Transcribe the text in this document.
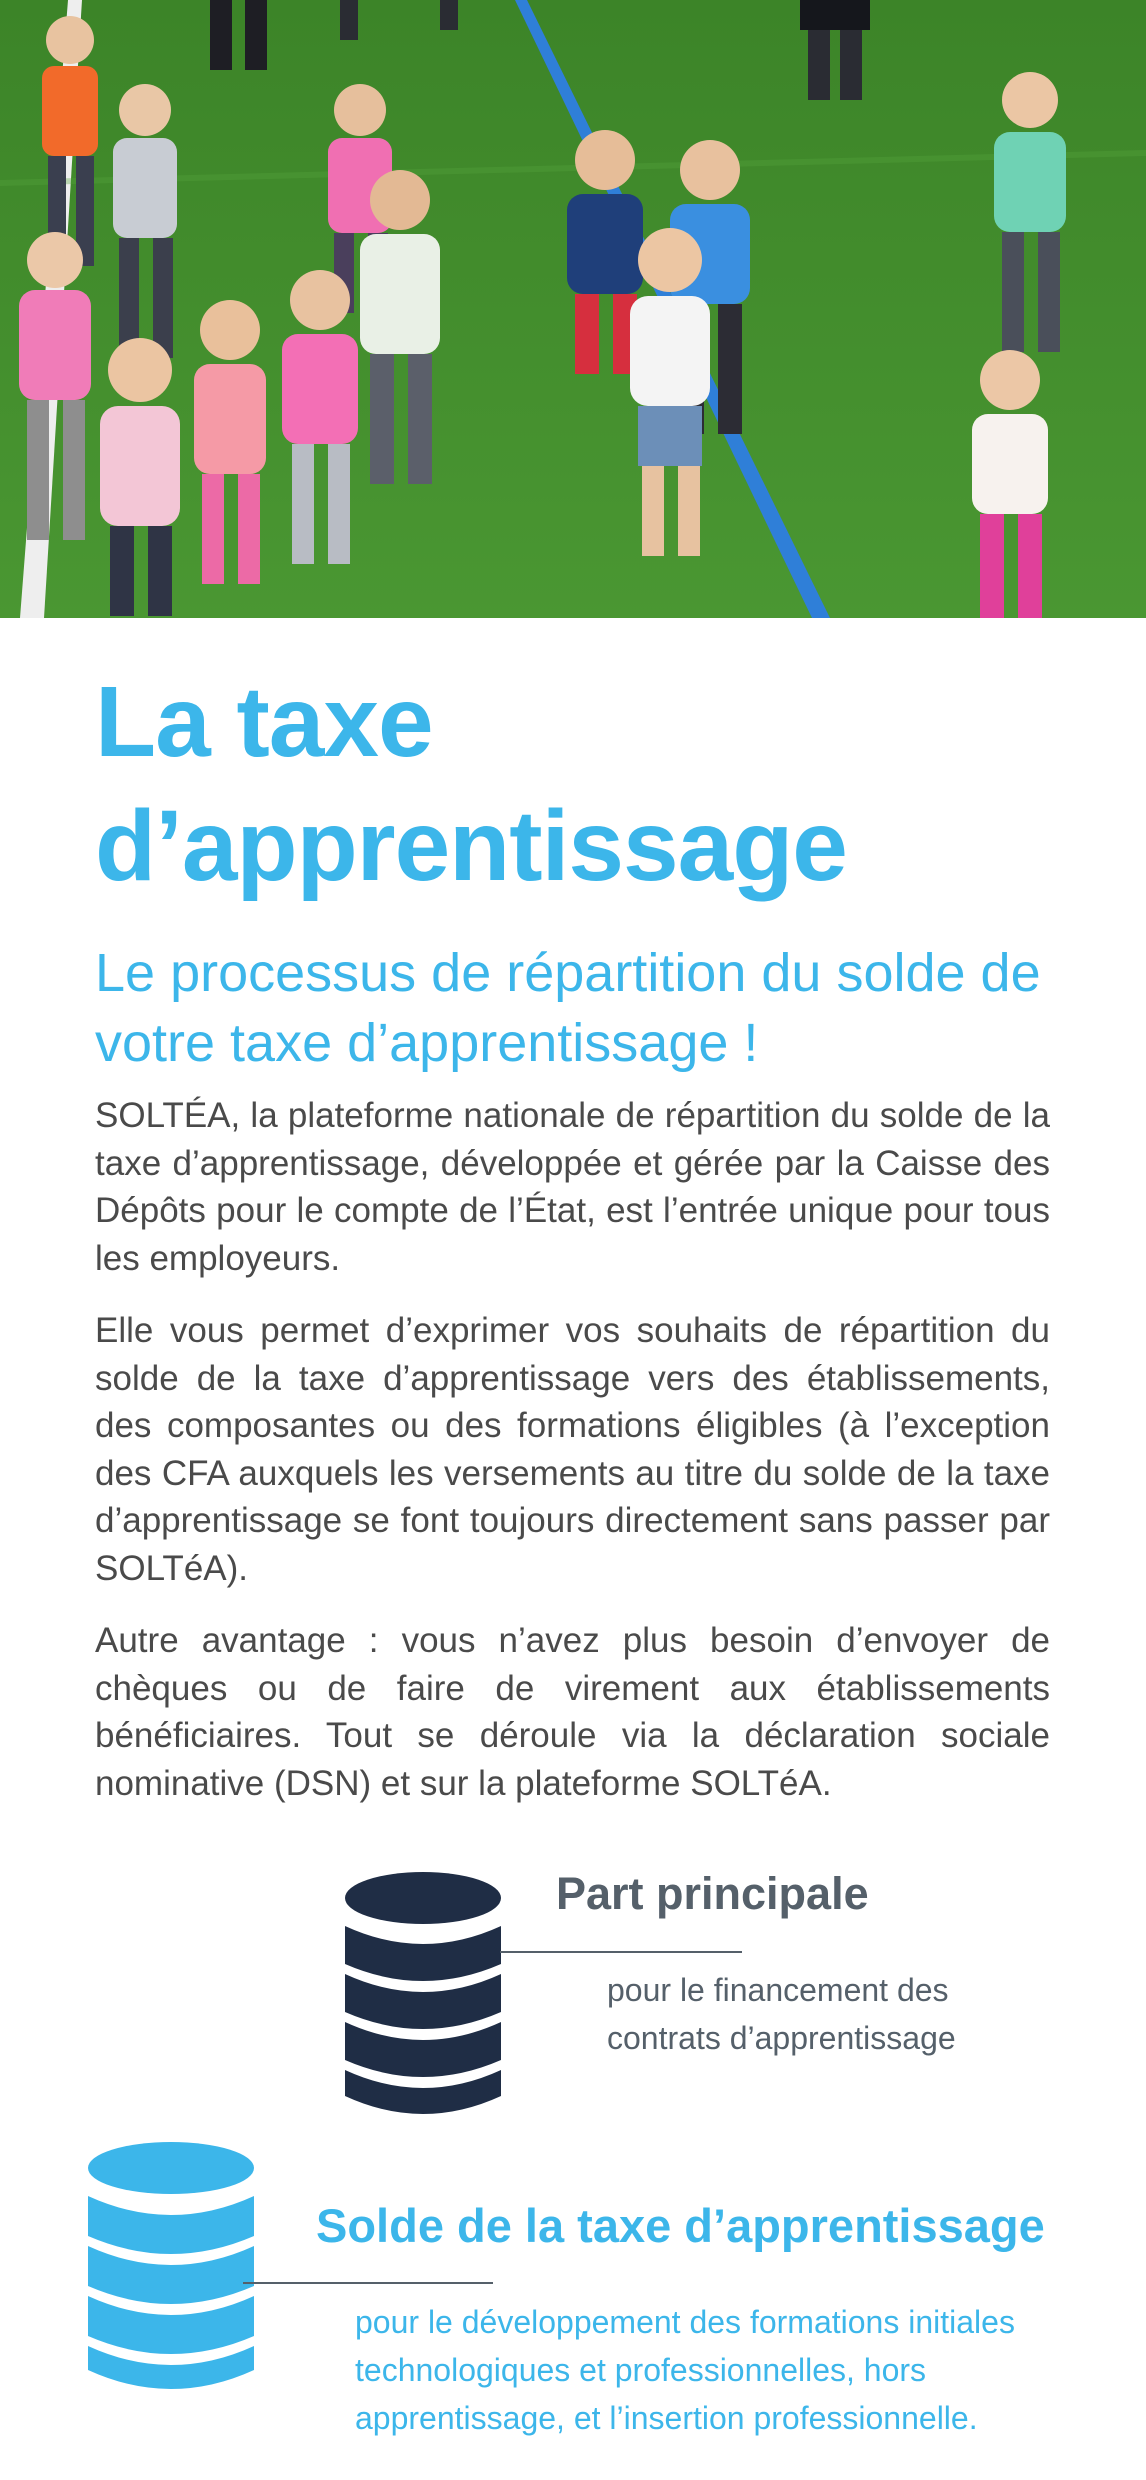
La taxe d’apprentissage
Le processus de répartition du solde de votre taxe d’apprentissage !

SOLTÉA, la plateforme nationale de répartition du solde de la taxe d’apprentissage, développée et gérée par la Caisse des Dépôts pour le compte de l’État, est l’entrée unique pour tous les employeurs.

Elle vous permet d’exprimer vos souhaits de répartition du solde de la taxe d’apprentissage vers des établissements, des composantes ou des formations éligibles (à l’exception des CFA auxquels les versements au titre du solde de la taxe d’apprentissage se font toujours directement sans passer par SOLTéA).

Autre avantage : vous n’avez plus besoin d’envoyer de chèques ou de faire de virement aux établissements bénéficiaires. Tout se déroule via la déclaration sociale nominative (DSN) et sur la plateforme SOLTéA.

Part principale

pour le financement des contrats d’apprentissage

Solde de la taxe d’apprentissage

pour le développement des formations initiales technologiques et professionnelles, hors apprentissage, et l’insertion professionnelle.
